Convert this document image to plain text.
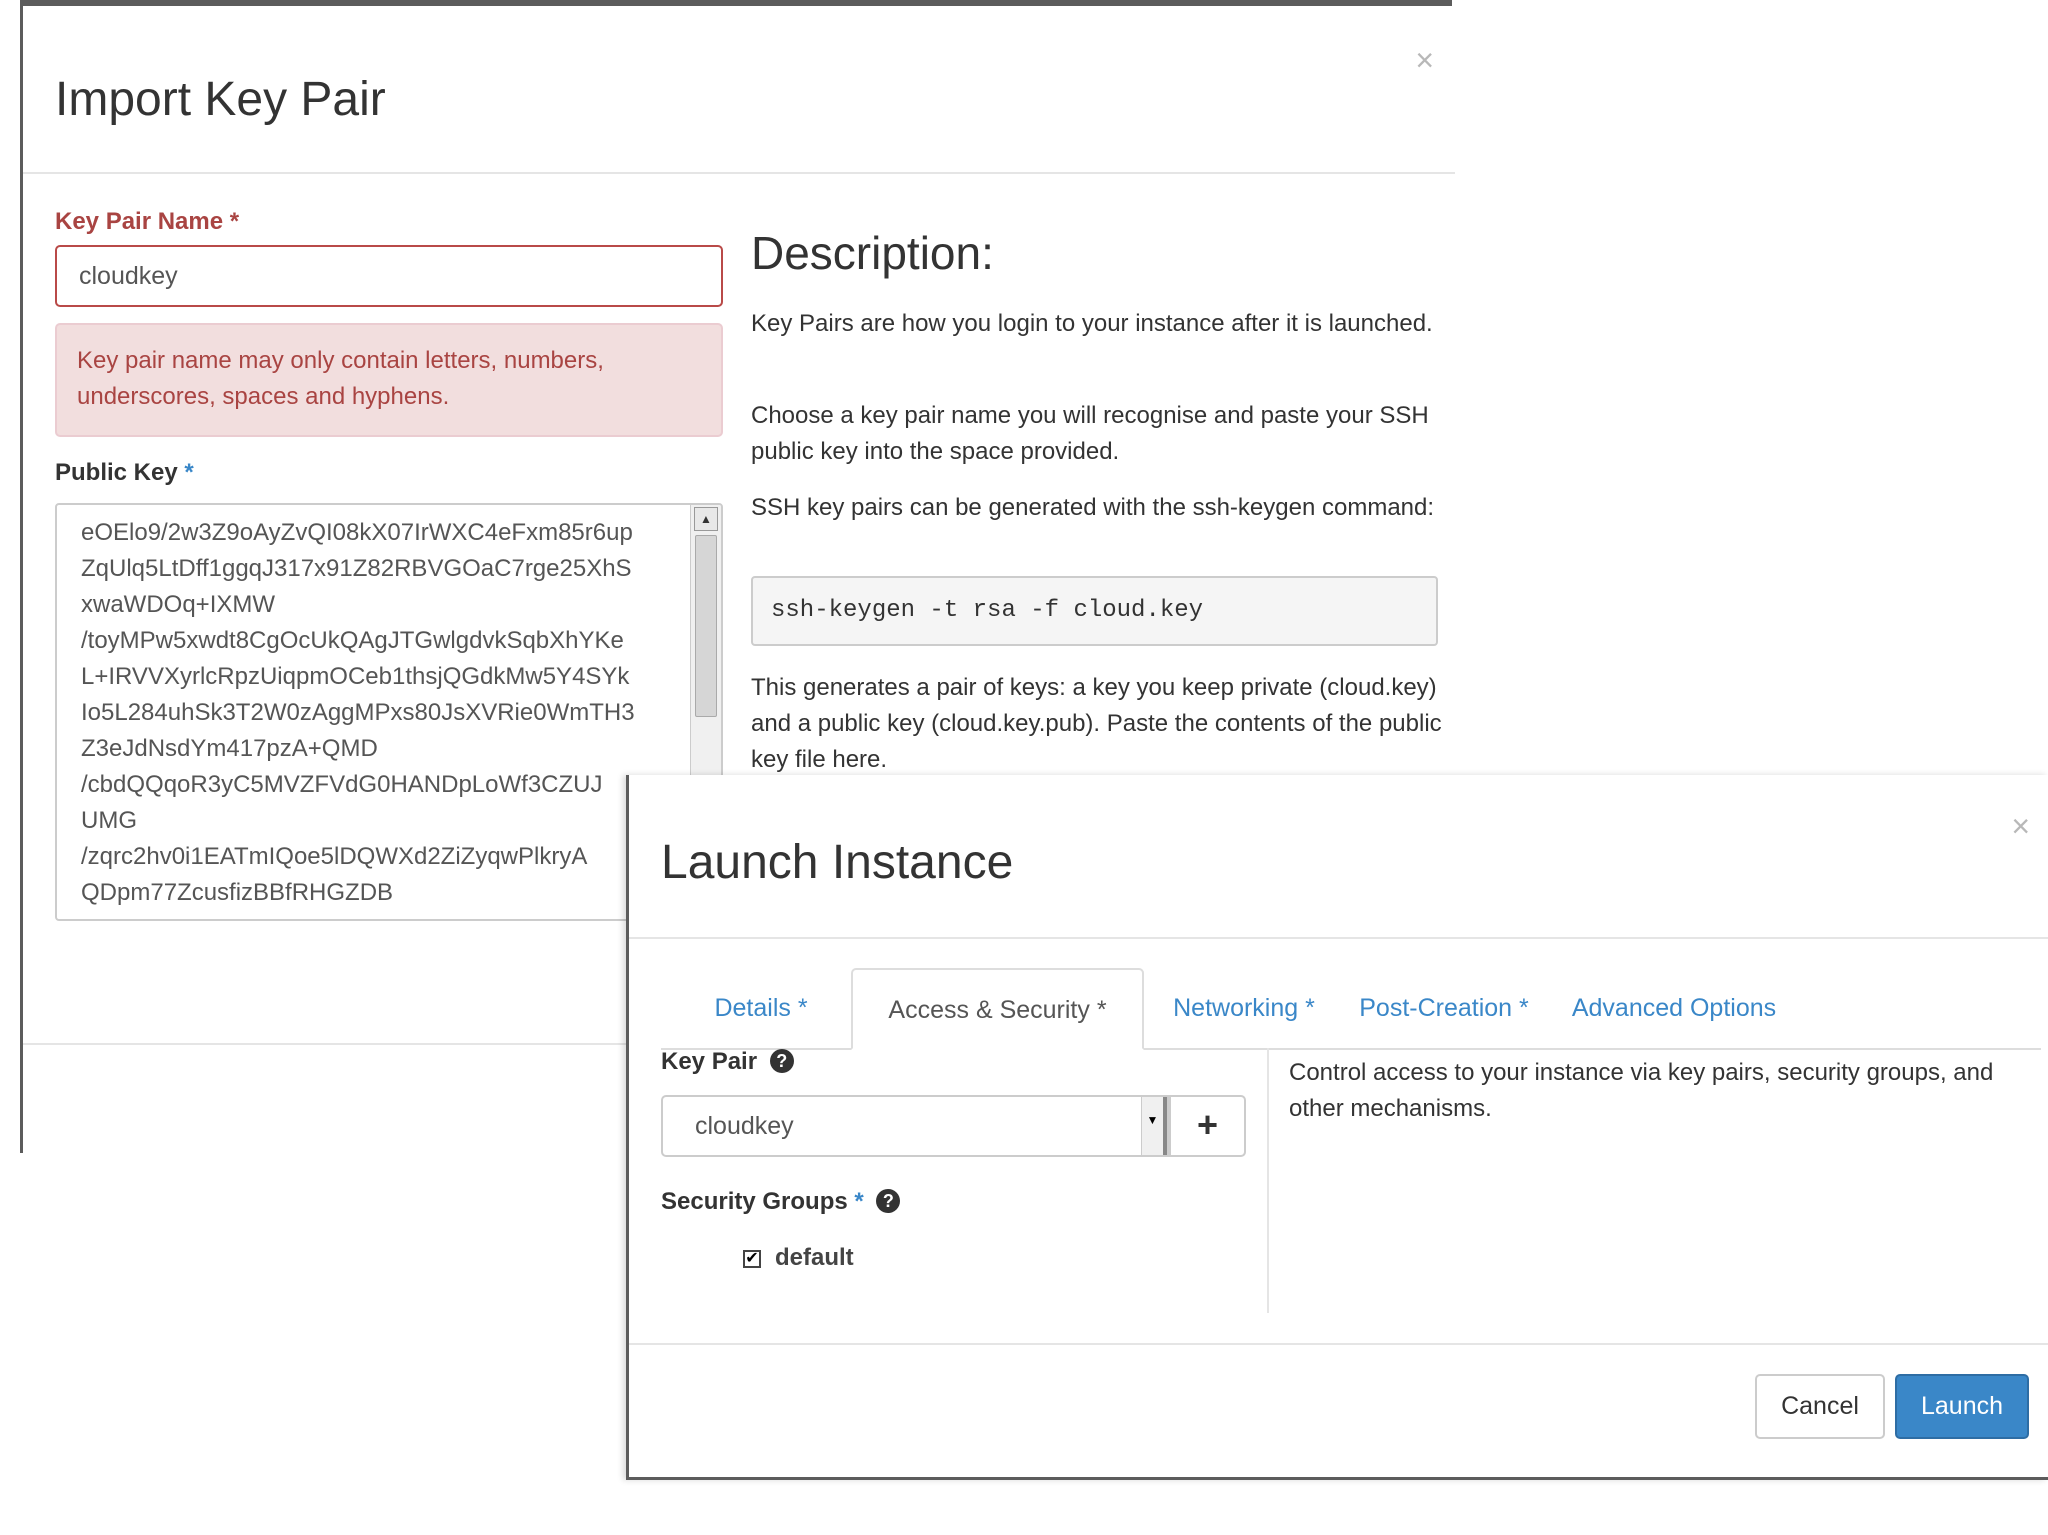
×
Import Key Pair
Key Pair Name *
cloudkey
Key pair name may only contain letters, numbers, underscores, spaces and hyphens.
Public Key *
eOElo9/2w3Z9oAyZvQI08kX07IrWXC4eFxm85r6up
ZqUlq5LtDff1ggqJ317x91Z82RBVGOaC7rge25XhS
xwaWDOq+IXMW
/toyMPw5xwdt8CgOcUkQAgJTGwlgdvkSqbXhYKe
L+IRVVXyrlcRpzUiqpmOCeb1thsjQGdkMw5Y4SYk
Io5L284uhSk3T2W0zAggMPxs80JsXVRie0WmTH3
Z3eJdNsdYm417pzA+QMD
/cbdQQqoR3yC5MVZFVdG0HANDpLoWf3CZUJ
UMG
/zqrc2hv0i1EATmIQoe5lDQWXd2ZiZyqwPlkryA
QDpm77ZcusfizBBfRHGZDB
▲
Description:

Key Pairs are how you login to your instance after it is launched.

Choose a key pair name you will recognise and paste your SSH public key into the space provided.

SSH key pairs can be generated with the ssh-keygen command:

ssh-keygen -t rsa -f cloud.key

This generates a pair of keys: a key you keep private (cloud.key) and a public key (cloud.key.pub). Paste the contents of the public key file here.

×
Launch Instance
Details *	Access & Security *	Networking *	Post-Creation *	Advanced Options
Key Pair ?
cloudkey	▼	+
Security Groups * ?
✔ default

Control access to your instance via key pairs, security groups, and other mechanisms.

Cancel	Launch
